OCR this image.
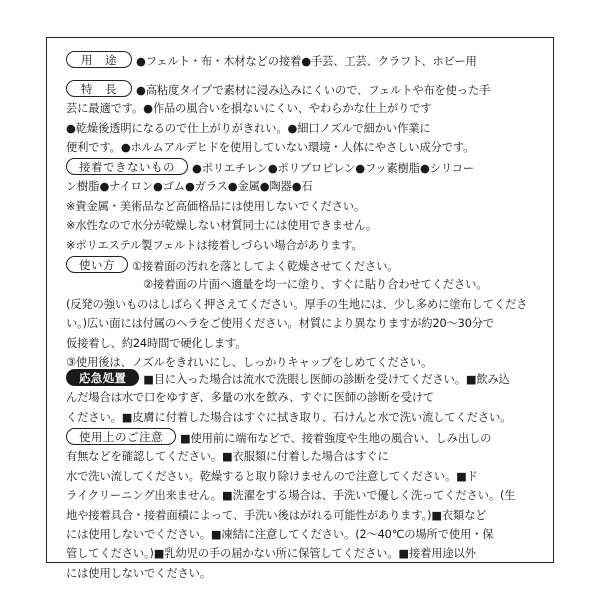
用　途 ●フェルト・布・木材などの接着●手芸、工芸、クラフト、ホビー用
特　長 ●高粘度タイプで素材に浸み込みにくいので、フェルトや布を使った手
芸に最適です。●作品の風合いを損ないにくい、やわらかな仕上がりです
●乾燥後透明になるので仕上がりがきれい。●細口ノズルで細かい作業に
便利です。●ホルムアルデヒドを使用していない環境・人体にやさしい成分です。
接着できないもの ●ポリエチレン●ポリプロピレン●フッ素樹脂●シリコー
ン樹脂●ナイロン●ゴム●ガラス●金属●陶器●石
※貴金属・美術品など高価格品には使用しないでください。
※水性なので水分が乾燥しない材質同士には使用できません。
※ポリエステル製フェルトは接着しづらい場合があります。
使い方 ①接着面の汚れを落としてよく乾燥させてください。
②接着面の片面へ適量を均一に塗り、すぐに貼り合わせてください。
(反発の強いものはしばらく押さえてください。厚手の生地には、少し多めに塗布してくださ
い。)広い面には付属のヘラをご使用ください。材質により異なりますが約20〜30分で
仮接着し、約24時間で硬化します。
③使用後は、ノズルをきれいにし、しっかりキャップをしめてください。
応急処置 ■目に入った場合は流水で洗眼し医師の診断を受けてください。■飲み込
んだ場合は水で口をゆすぎ、多量の水を飲み、すぐに医師の診断を受けて
ください。■皮膚に付着した場合はすぐに拭き取り、石けんと水で洗い流してください。
使用上のご注意 ■使用前に端布などで、接着強度や生地の風合い、しみ出しの
有無などを確認してください。■衣服類に付着した場合はすぐに
水で洗い流してください。乾燥すると取り除けませんので注意してください。■ド
ライクリーニング出来ません。■洗濯をする場合は、手洗いで優しく洗ってください。(生
地や接着具合・接着面積によって、手洗い後はがれる可能性があります。)■衣類など
には使用しないでください。■凍結に注意してください。(2〜40℃の場所で使用・保
管してください。)■乳幼児の手の届かない所に保管してください。■接着用途以外
には使用しないでください。
